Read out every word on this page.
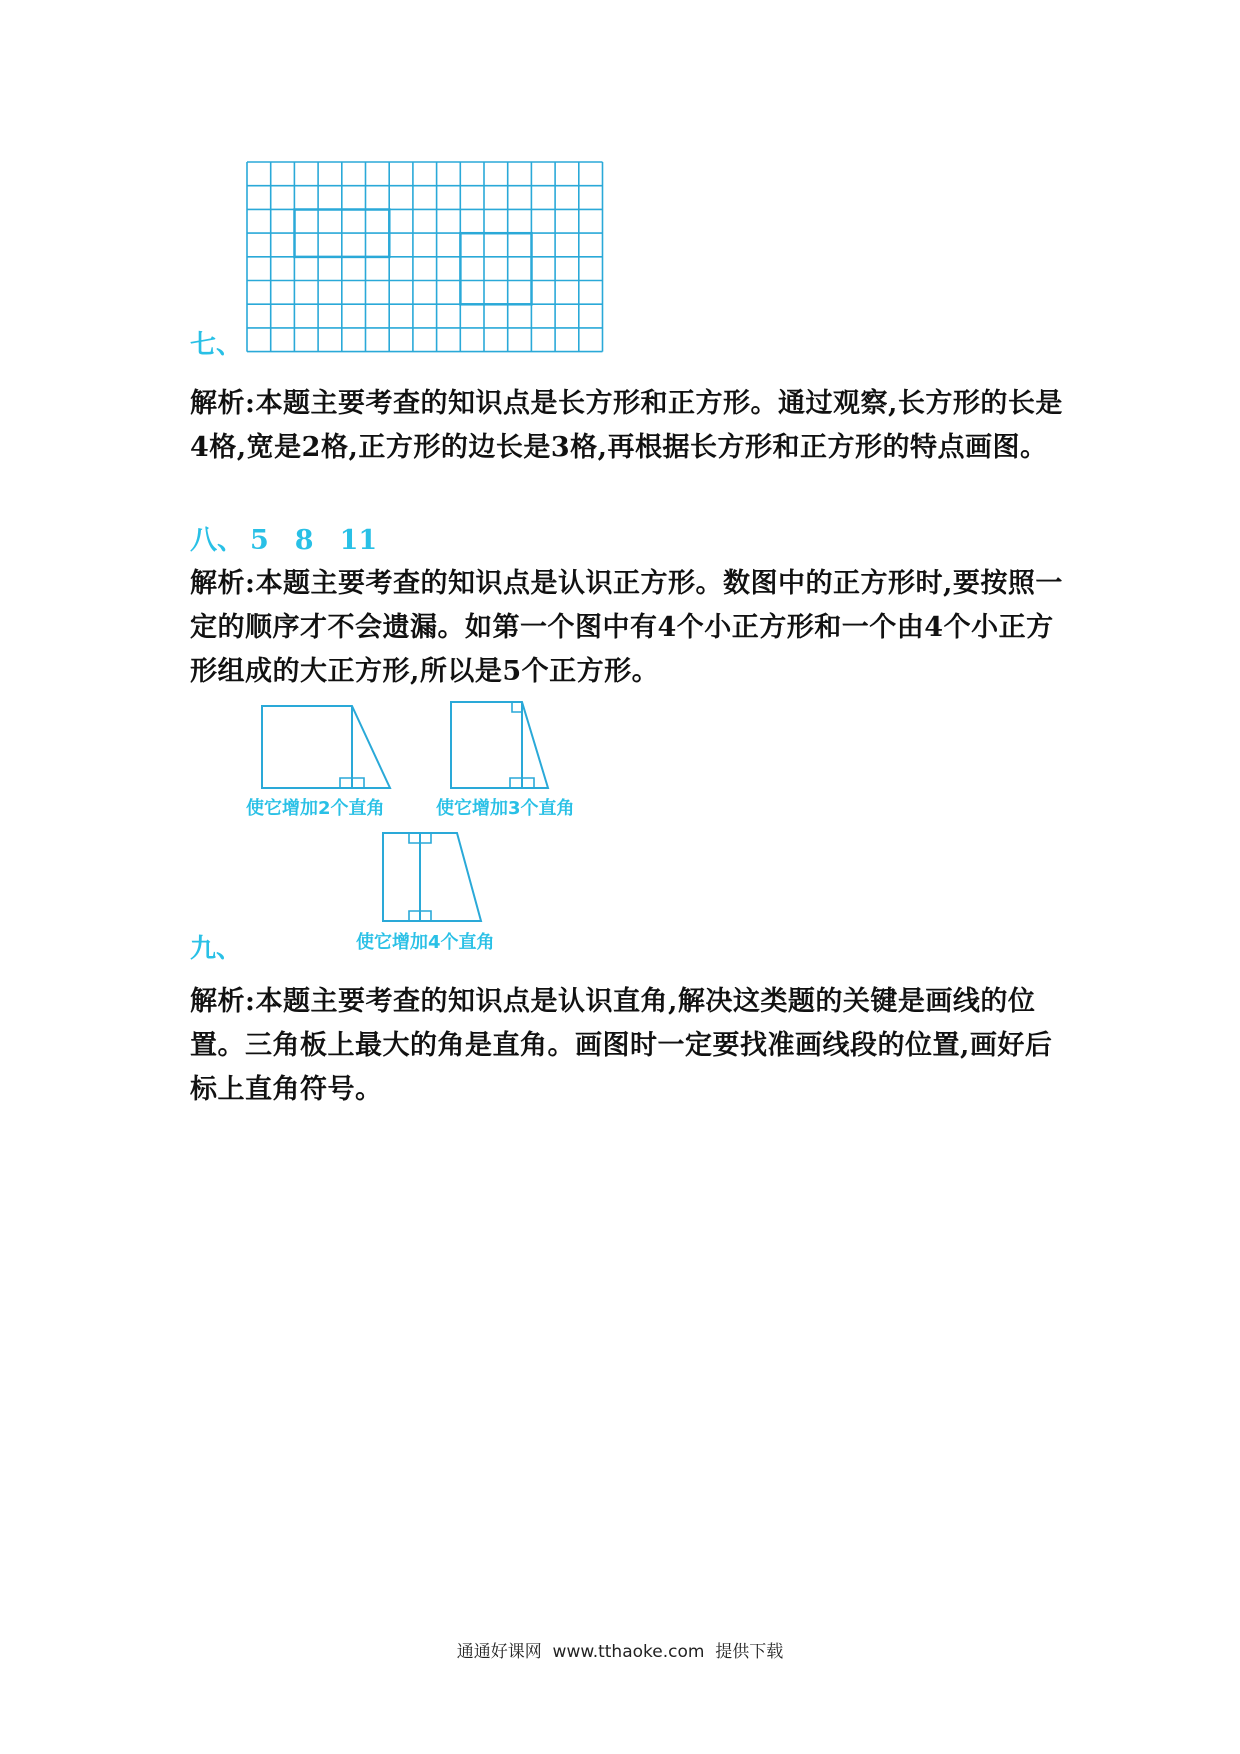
七、
解析:本题主要考查的知识点是长方形和正方形。通过观察,长方形的长是4格,宽是2格,正方形的边长是3格,再根据长方形和正方形的特点画图。
八、 5 8 11
解析:本题主要考查的知识点是认识正方形。数图中的正方形时,要按照一定的顺序才不会遗漏。如第一个图中有4个小正方形和一个由4个小正方形组成的大正方形,所以是5个正方形。
使它增加2个直角	使它增加3个直角
使它增加4个直角
九、
解析:本题主要考查的知识点是认识直角,解决这类题的关键是画线的位置。三角板上最大的角是直角。画图时一定要找准画线段的位置,画好后标上直角符号。
通通好课网  www.tthaoke.com  提供下载
